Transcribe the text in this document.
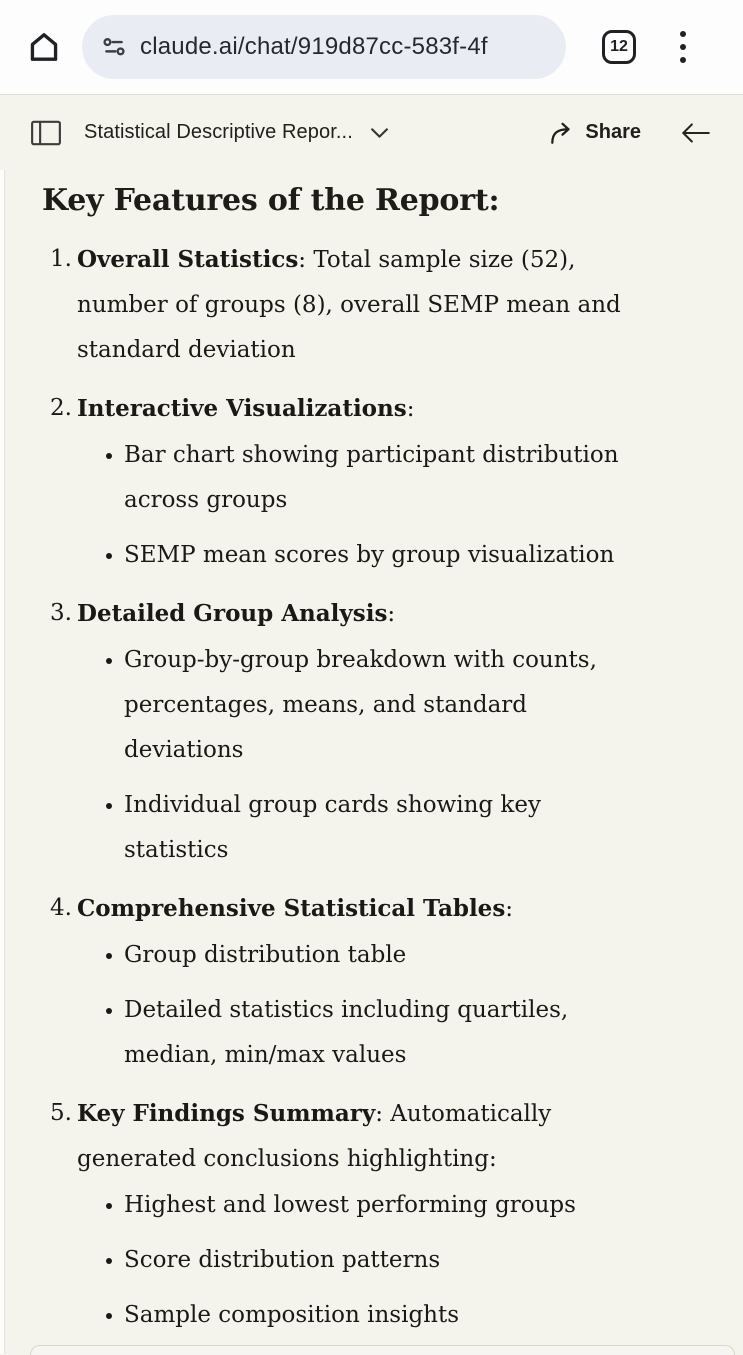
claude.ai/chat/919d87cc-583f-4f	12
Statistical Descriptive Repor...	Share
Key Features of the Report:
1. Overall Statistics: Total sample size (52), number of groups (8), overall SEMP mean and standard deviation
2. Interactive Visualizations:
Bar chart showing participant distribution across groups
SEMP mean scores by group visualization
3. Detailed Group Analysis:
Group-by-group breakdown with counts, percentages, means, and standard deviations
Individual group cards showing key statistics
4. Comprehensive Statistical Tables:
Group distribution table
Detailed statistics including quartiles, median, min/max values
5. Key Findings Summary: Automatically generated conclusions highlighting:
Highest and lowest performing groups
Score distribution patterns
Sample composition insights
